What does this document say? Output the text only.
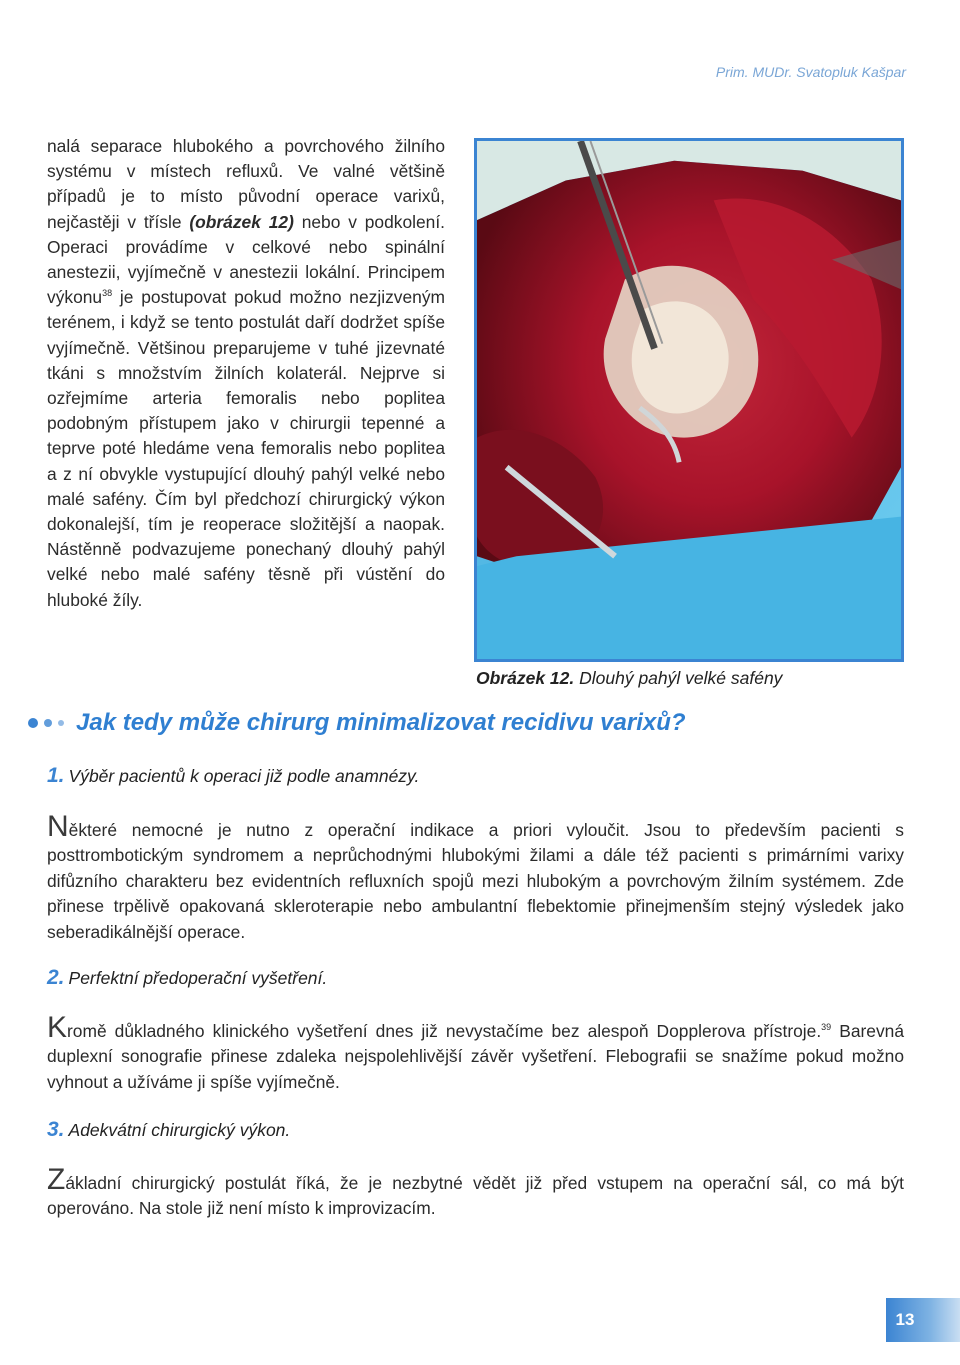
Prim. MUDr. Svatopluk Kašpar
nalá separace hlubokého a povrchového žilního systému v místech refluxů. Ve valné většině případů je to místo původní operace varixů, nejčastěji v třísle (obrázek 12) nebo v podkolení. Operaci provádíme v celkové nebo spinální anestezii, vyjímečně v anestezii lokální. Principem výkonu$^{38}$ je postupovat pokud možno nezjizveným terénem, i když se tento postulát daří dodržet spíše vyjímečně. Většinou preparujeme v tuhé jizevnaté tkáni s množstvím žilních kolaterál. Nejprve si ozřejmíme arteria femoralis nebo poplitea podobným přístupem jako v chirurgii tepenné a teprve poté hledáme vena femoralis nebo poplitea a z ní obvykle vystupující dlouhý pahýl velké nebo malé safény. Čím byl předchozí chirurgický výkon dokonalejší, tím je reoperace složitější a naopak. Nástěnně podvazujeme ponechaný dlouhý pahýl velké nebo malé safény těsně při vústění do hluboké žíly.
Obrázek 12. Dlouhý pahýl velké safény
Jak tedy může chirurg minimalizovat recidivu varixů?
1. Výběr pacientů k operaci již podle anamnézy.
Některé nemocné je nutno z operační indikace a priori vyloučit. Jsou to především pacienti s posttrombotickým syndromem a neprůchodnými hlubokými žilami a dále též pacienti s primárními varixy difůzního charakteru bez evidentních refluxních spojů mezi hlubokým a povrchovým žilním systémem. Zde přinese trpělivě opakovaná skleroterapie nebo ambulantní flebektomie přinejmenším stejný výsledek jako seberadikálnější operace.
2. Perfektní předoperační vyšetření.
Kromě důkladného klinického vyšetření dnes již nevystačíme bez alespoň Dopplerova přístroje.$^{39}$ Barevná duplexní sonografie přinese zdaleka nejspolehlivější závěr vyšetření. Flebografii se snažíme pokud možno vyhnout a užíváme ji spíše vyjímečně.
3. Adekvátní chirurgický výkon.
Základní chirurgický postulát říká, že je nezbytné vědět již před vstupem na operační sál, co má být operováno. Na stole již není místo k improvizacím.
13
